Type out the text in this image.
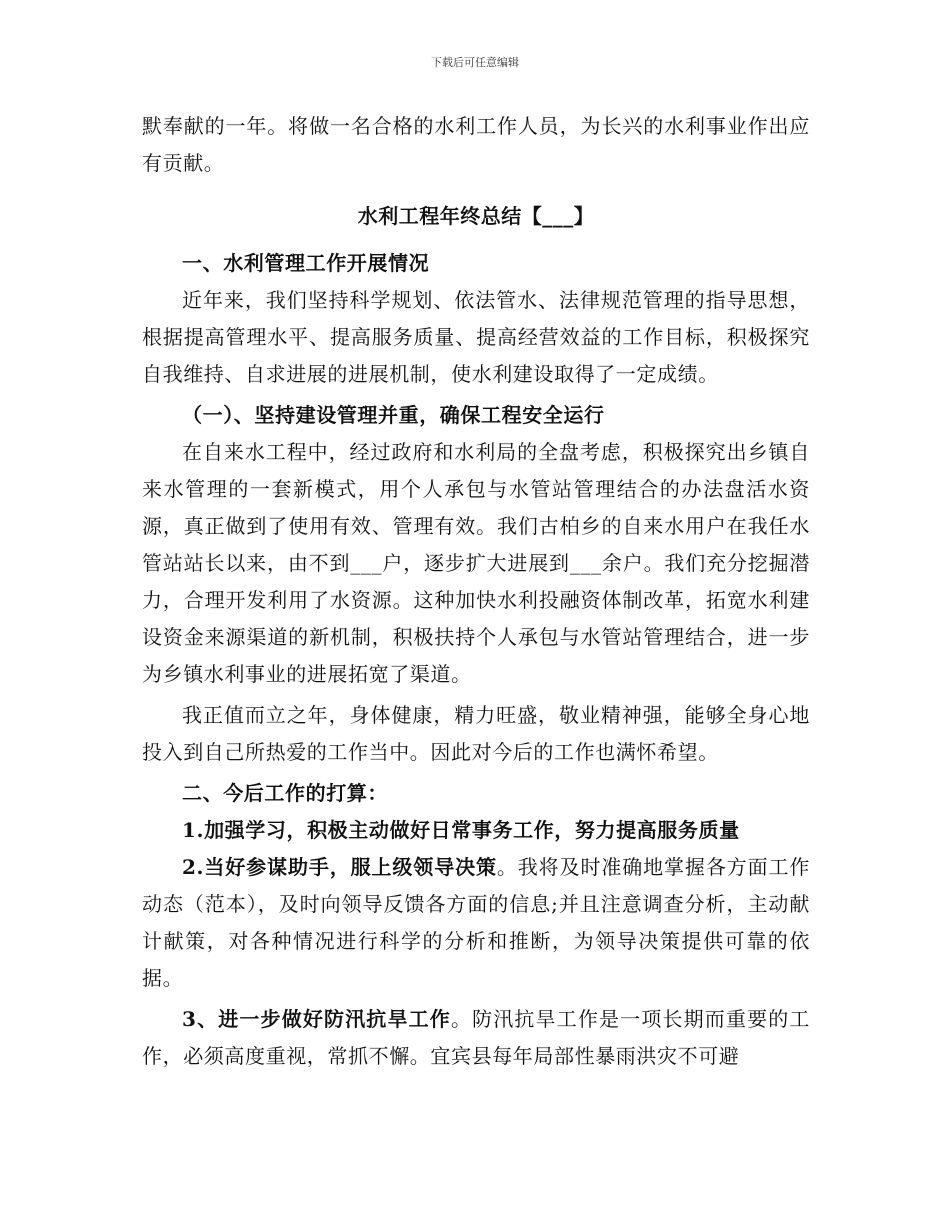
下载后可任意编辑

默奉献的一年。将做一名合格的水利工作人员，为长兴的水利事业作出应有贡献。

水利工程年终总结【___】

一、水利管理工作开展情况

近年来，我们坚持科学规划、依法管水、法律规范管理的指导思想，根据提高管理水平、提高服务质量、提高经营效益的工作目标，积极探究自我维持、自求进展的进展机制，使水利建设取得了一定成绩。

（一）、坚持建设管理并重，确保工程安全运行

在自来水工程中，经过政府和水利局的全盘考虑，积极探究出乡镇自来水管理的一套新模式，用个人承包与水管站管理结合的办法盘活水资源，真正做到了使用有效、管理有效。我们古柏乡的自来水用户在我任水管站站长以来，由不到___户，逐步扩大进展到___余户。我们充分挖掘潜力，合理开发利用了水资源。这种加快水利投融资体制改革，拓宽水利建设资金来源渠道的新机制，积极扶持个人承包与水管站管理结合，进一步为乡镇水利事业的进展拓宽了渠道。

我正值而立之年，身体健康，精力旺盛，敬业精神强，能够全身心地投入到自己所热爱的工作当中。因此对今后的工作也满怀希望。

二、今后工作的打算：

1.加强学习，积极主动做好日常事务工作，努力提高服务质量

2.当好参谋助手，服上级领导决策。我将及时准确地掌握各方面工作动态（范本），及时向领导反馈各方面的信息;并且注意调查分析，主动献计献策，对各种情况进行科学的分析和推断，为领导决策提供可靠的依据。

3、进一步做好防汛抗旱工作。防汛抗旱工作是一项长期而重要的工作，必须高度重视，常抓不懈。宜宾县每年局部性暴雨洪灾不可避
